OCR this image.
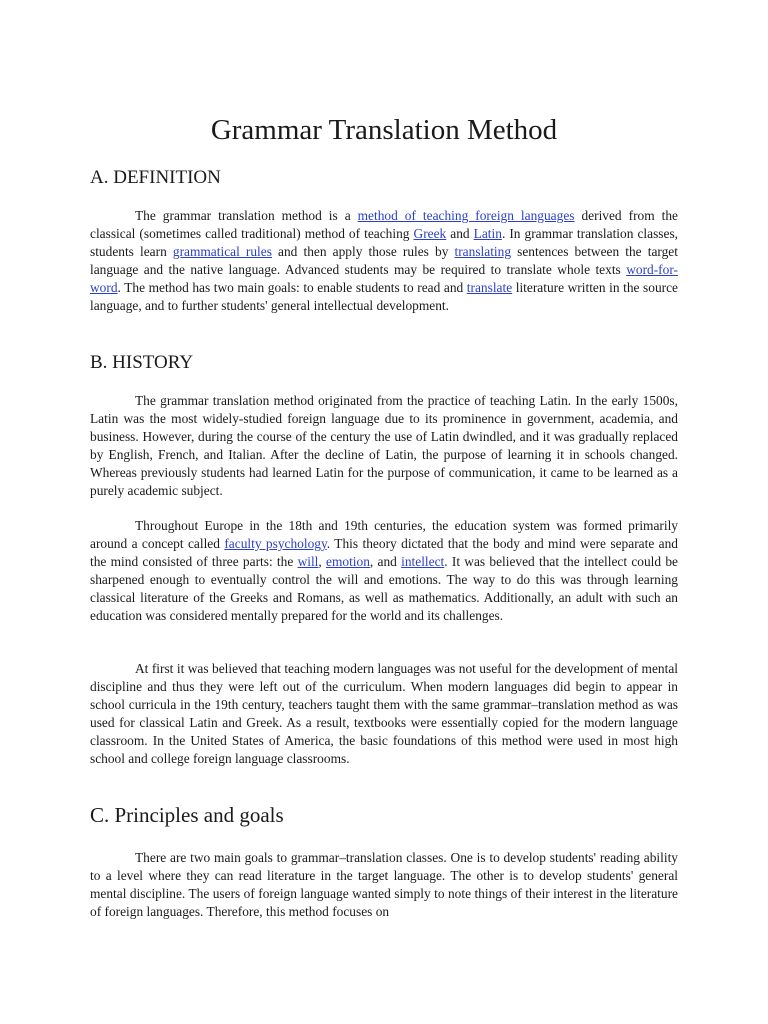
Grammar Translation Method
A. DEFINITION

The grammar translation method is a method of teaching foreign languages derived from the classical (sometimes called traditional) method of teaching Greek and Latin. In grammar translation classes, students learn grammatical rules and then apply those rules by translating sentences between the target language and the native language. Advanced students may be required to translate whole texts word-for-word. The method has two main goals: to enable students to read and translate literature written in the source language, and to further students' general intellectual development.

B. HISTORY

The grammar translation method originated from the practice of teaching Latin. In the early 1500s, Latin was the most widely-studied foreign language due to its prominence in government, academia, and business. However, during the course of the century the use of Latin dwindled, and it was gradually replaced by English, French, and Italian. After the decline of Latin, the purpose of learning it in schools changed. Whereas previously students had learned Latin for the purpose of communication, it came to be learned as a purely academic subject.

Throughout Europe in the 18th and 19th centuries, the education system was formed primarily around a concept called faculty psychology. This theory dictated that the body and mind were separate and the mind consisted of three parts: the will, emotion, and intellect. It was believed that the intellect could be sharpened enough to eventually control the will and emotions. The way to do this was through learning classical literature of the Greeks and Romans, as well as mathematics. Additionally, an adult with such an education was considered mentally prepared for the world and its challenges.

At first it was believed that teaching modern languages was not useful for the development of mental discipline and thus they were left out of the curriculum. When modern languages did begin to appear in school curricula in the 19th century, teachers taught them with the same grammar–translation method as was used for classical Latin and Greek. As a result, textbooks were essentially copied for the modern language classroom. In the United States of America, the basic foundations of this method were used in most high school and college foreign language classrooms.

C. Principles and goals

There are two main goals to grammar–translation classes. One is to develop students' reading ability to a level where they can read literature in the target language. The other is to develop students' general mental discipline. The users of foreign language wanted simply to note things of their interest in the literature of foreign languages. Therefore, this method focuses on
